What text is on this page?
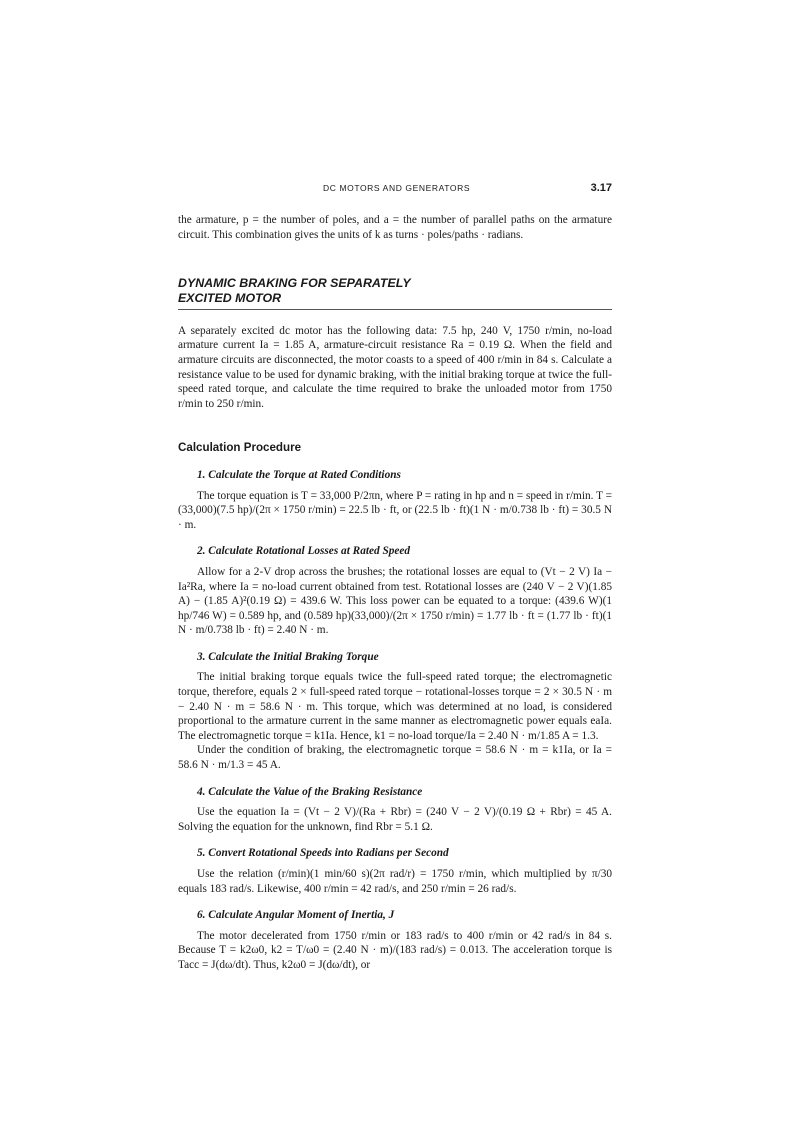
DC MOTORS AND GENERATORS	3.17

the armature, p = the number of poles, and a = the number of parallel paths on the armature circuit. This combination gives the units of k as turns · poles/paths · radians.

DYNAMIC BRAKING FOR SEPARATELY
EXCITED MOTOR

A separately excited dc motor has the following data: 7.5 hp, 240 V, 1750 r/min, no-load armature current Ia = 1.85 A, armature-circuit resistance Ra = 0.19 Ω. When the field and armature circuits are disconnected, the motor coasts to a speed of 400 r/min in 84 s. Calculate a resistance value to be used for dynamic braking, with the initial braking torque at twice the full-speed rated torque, and calculate the time required to brake the unloaded motor from 1750 r/min to 250 r/min.

Calculation Procedure
1. Calculate the Torque at Rated Conditions

The torque equation is T = 33,000 P/2πn, where P = rating in hp and n = speed in r/min. T = (33,000)(7.5 hp)/(2π × 1750 r/min) = 22.5 lb · ft, or (22.5 lb · ft)(1 N · m/0.738 lb · ft) = 30.5 N · m.

2. Calculate Rotational Losses at Rated Speed

Allow for a 2-V drop across the brushes; the rotational losses are equal to (Vt − 2 V) Ia − Ia²Ra, where Ia = no-load current obtained from test. Rotational losses are (240 V − 2 V)(1.85 A) − (1.85 A)²(0.19 Ω) = 439.6 W. This loss power can be equated to a torque: (439.6 W)(1 hp/746 W) = 0.589 hp, and (0.589 hp)(33,000)/(2π × 1750 r/min) = 1.77 lb · ft = (1.77 lb · ft)(1 N · m/0.738 lb · ft) = 2.40 N · m.

3. Calculate the Initial Braking Torque

The initial braking torque equals twice the full-speed rated torque; the electromagnetic torque, therefore, equals 2 × full-speed rated torque − rotational-losses torque = 2 × 30.5 N · m − 2.40 N · m = 58.6 N · m. This torque, which was determined at no load, is considered proportional to the armature current in the same manner as electromagnetic power equals eaIa. The electromagnetic torque = k1Ia. Hence, k1 = no-load torque/Ia = 2.40 N · m/1.85 A = 1.3.

Under the condition of braking, the electromagnetic torque = 58.6 N · m = k1Ia, or Ia = 58.6 N · m/1.3 = 45 A.

4. Calculate the Value of the Braking Resistance

Use the equation Ia = (Vt − 2 V)/(Ra + Rbr) = (240 V − 2 V)/(0.19 Ω + Rbr) = 45 A. Solving the equation for the unknown, find Rbr = 5.1 Ω.

5. Convert Rotational Speeds into Radians per Second

Use the relation (r/min)(1 min/60 s)(2π rad/r) = 1750 r/min, which multiplied by π/30 equals 183 rad/s. Likewise, 400 r/min = 42 rad/s, and 250 r/min = 26 rad/s.

6. Calculate Angular Moment of Inertia, J

The motor decelerated from 1750 r/min or 183 rad/s to 400 r/min or 42 rad/s in 84 s. Because T = k2ω0, k2 = T/ω0 = (2.40 N · m)/(183 rad/s) = 0.013. The acceleration torque is Tacc = J(dω/dt). Thus, k2ω0 = J(dω/dt), or
